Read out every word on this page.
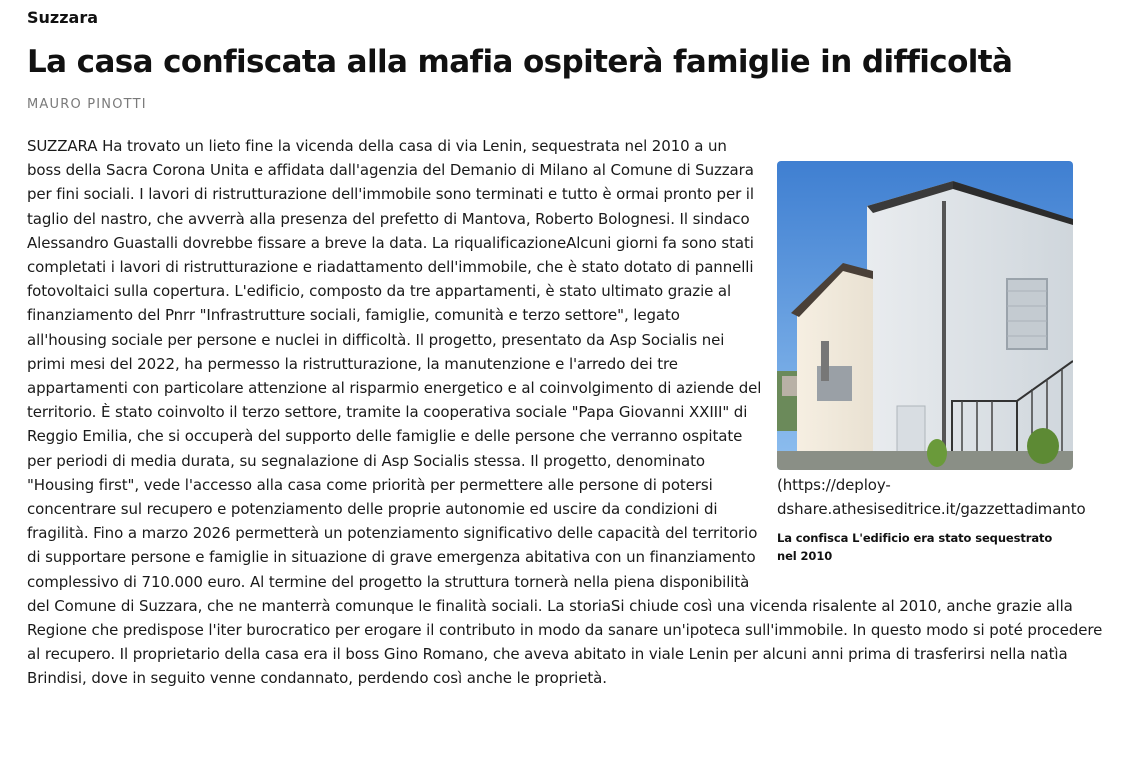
Suzzara
La casa confiscata alla mafia ospiterà famiglie in difficoltà
MAURO PINOTTI
(https://deploy-
dshare.athesiseditrice.it/gazzettadimanto
La confisca L'edificio era stato sequestrato nel 2010
SUZZARA Ha trovato un lieto fine la vicenda della casa di via Lenin, sequestrata nel 2010 a un boss della Sacra Corona Unita e affidata dall'agenzia del Demanio di Milano al Comune di Suzzara per fini sociali. I lavori di ristrutturazione dell'immobile sono terminati e tutto è ormai pronto per il taglio del nastro, che avverrà alla presenza del prefetto di Mantova, Roberto Bolognesi. Il sindaco Alessandro Guastalli dovrebbe fissare a breve la data. La riqualificazioneAlcuni giorni fa sono stati completati i lavori di ristrutturazione e riadattamento dell'immobile, che è stato dotato di pannelli fotovoltaici sulla copertura. L'edificio, composto da tre appartamenti, è stato ultimato grazie al finanziamento del Pnrr "Infrastrutture sociali, famiglie, comunità e terzo settore", legato all'housing sociale per persone e nuclei in difficoltà. Il progetto, presentato da Asp Socialis nei primi mesi del 2022, ha permesso la ristrutturazione, la manutenzione e l'arredo dei tre appartamenti con particolare attenzione al risparmio energetico e al coinvolgimento di aziende del territorio. È stato coinvolto il terzo settore, tramite la cooperativa sociale "Papa Giovanni XXIII" di Reggio Emilia, che si occuperà del supporto delle famiglie e delle persone che verranno ospitate per periodi di media durata, su segnalazione di Asp Socialis stessa. Il progetto, denominato "Housing first", vede l'accesso alla casa come priorità per permettere alle persone di potersi concentrare sul recupero e potenziamento delle proprie autonomie ed uscire da condizioni di fragilità. Fino a marzo 2026 permetterà un potenziamento significativo delle capacità del territorio di supportare persone e famiglie in situazione di grave emergenza abitativa con un finanziamento complessivo di 710.000 euro. Al termine del progetto la struttura tornerà nella piena disponibilità del Comune di Suzzara, che ne manterrà comunque le finalità sociali. La storiaSi chiude così una vicenda risalente al 2010, anche grazie alla Regione che predispose l'iter burocratico per erogare il contributo in modo da sanare un'ipoteca sull'immobile. In questo modo si poté procedere al recupero. Il proprietario della casa era il boss Gino Romano, che aveva abitato in viale Lenin per alcuni anni prima di trasferirsi nella natìa Brindisi, dove in seguito venne condannato, perdendo così anche le proprietà.
